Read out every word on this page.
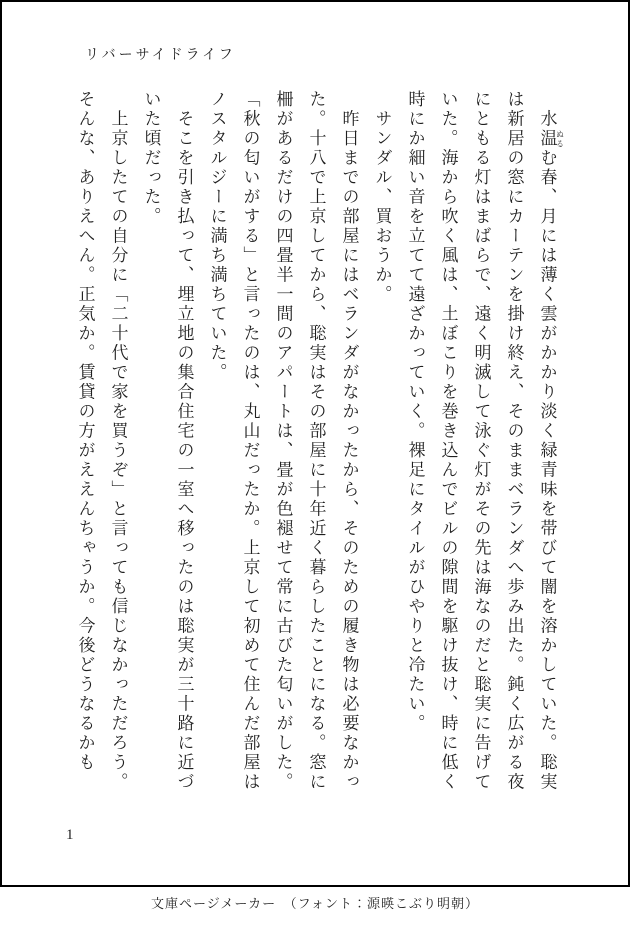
リバーサイドライフ

　水温 ぬるむ春、月には薄く雲がかかり淡く緑青味を帯びて闇を溶かしていた。聡実は新居の窓にカーテンを掛け終え、そのままベランダへ歩み出た。鈍く広がる夜にともる灯はまばらで、遠く明滅して泳ぐ灯がその先は海なのだと聡実に告げていた。海から吹く風は、土ぼこりを巻き込んでビルの隙間を駆け抜け、時に低く時にか細い音を立てて遠ざかっていく。裸足にタイルがひやりと冷たい。

　サンダル、買おうか。

　昨日までの部屋にはベランダがなかったから、そのための履き物は必要なかった。十八で上京してから、聡実はその部屋に十年近く暮らしたことになる。窓に柵があるだけの四畳半一間のアパートは、畳が色褪せて常に古びた匂いがした。「秋の匂いがする」と言ったのは、丸山だったか。上京して初めて住んだ部屋はノスタルジーに満ち満ちていた。

　そこを引き払って、埋立地の集合住宅の一室へ移ったのは聡実が三十路に近づいた頃だった。

　上京したての自分に「二十代で家を買うぞ」と言っても信じなかっただろう。そんな、ありえへん。正気か。賃貸の方がええんちゃうか。今後どうなるかも

1
文庫ページメーカー　（フォント：源暎こぶり明朝）
